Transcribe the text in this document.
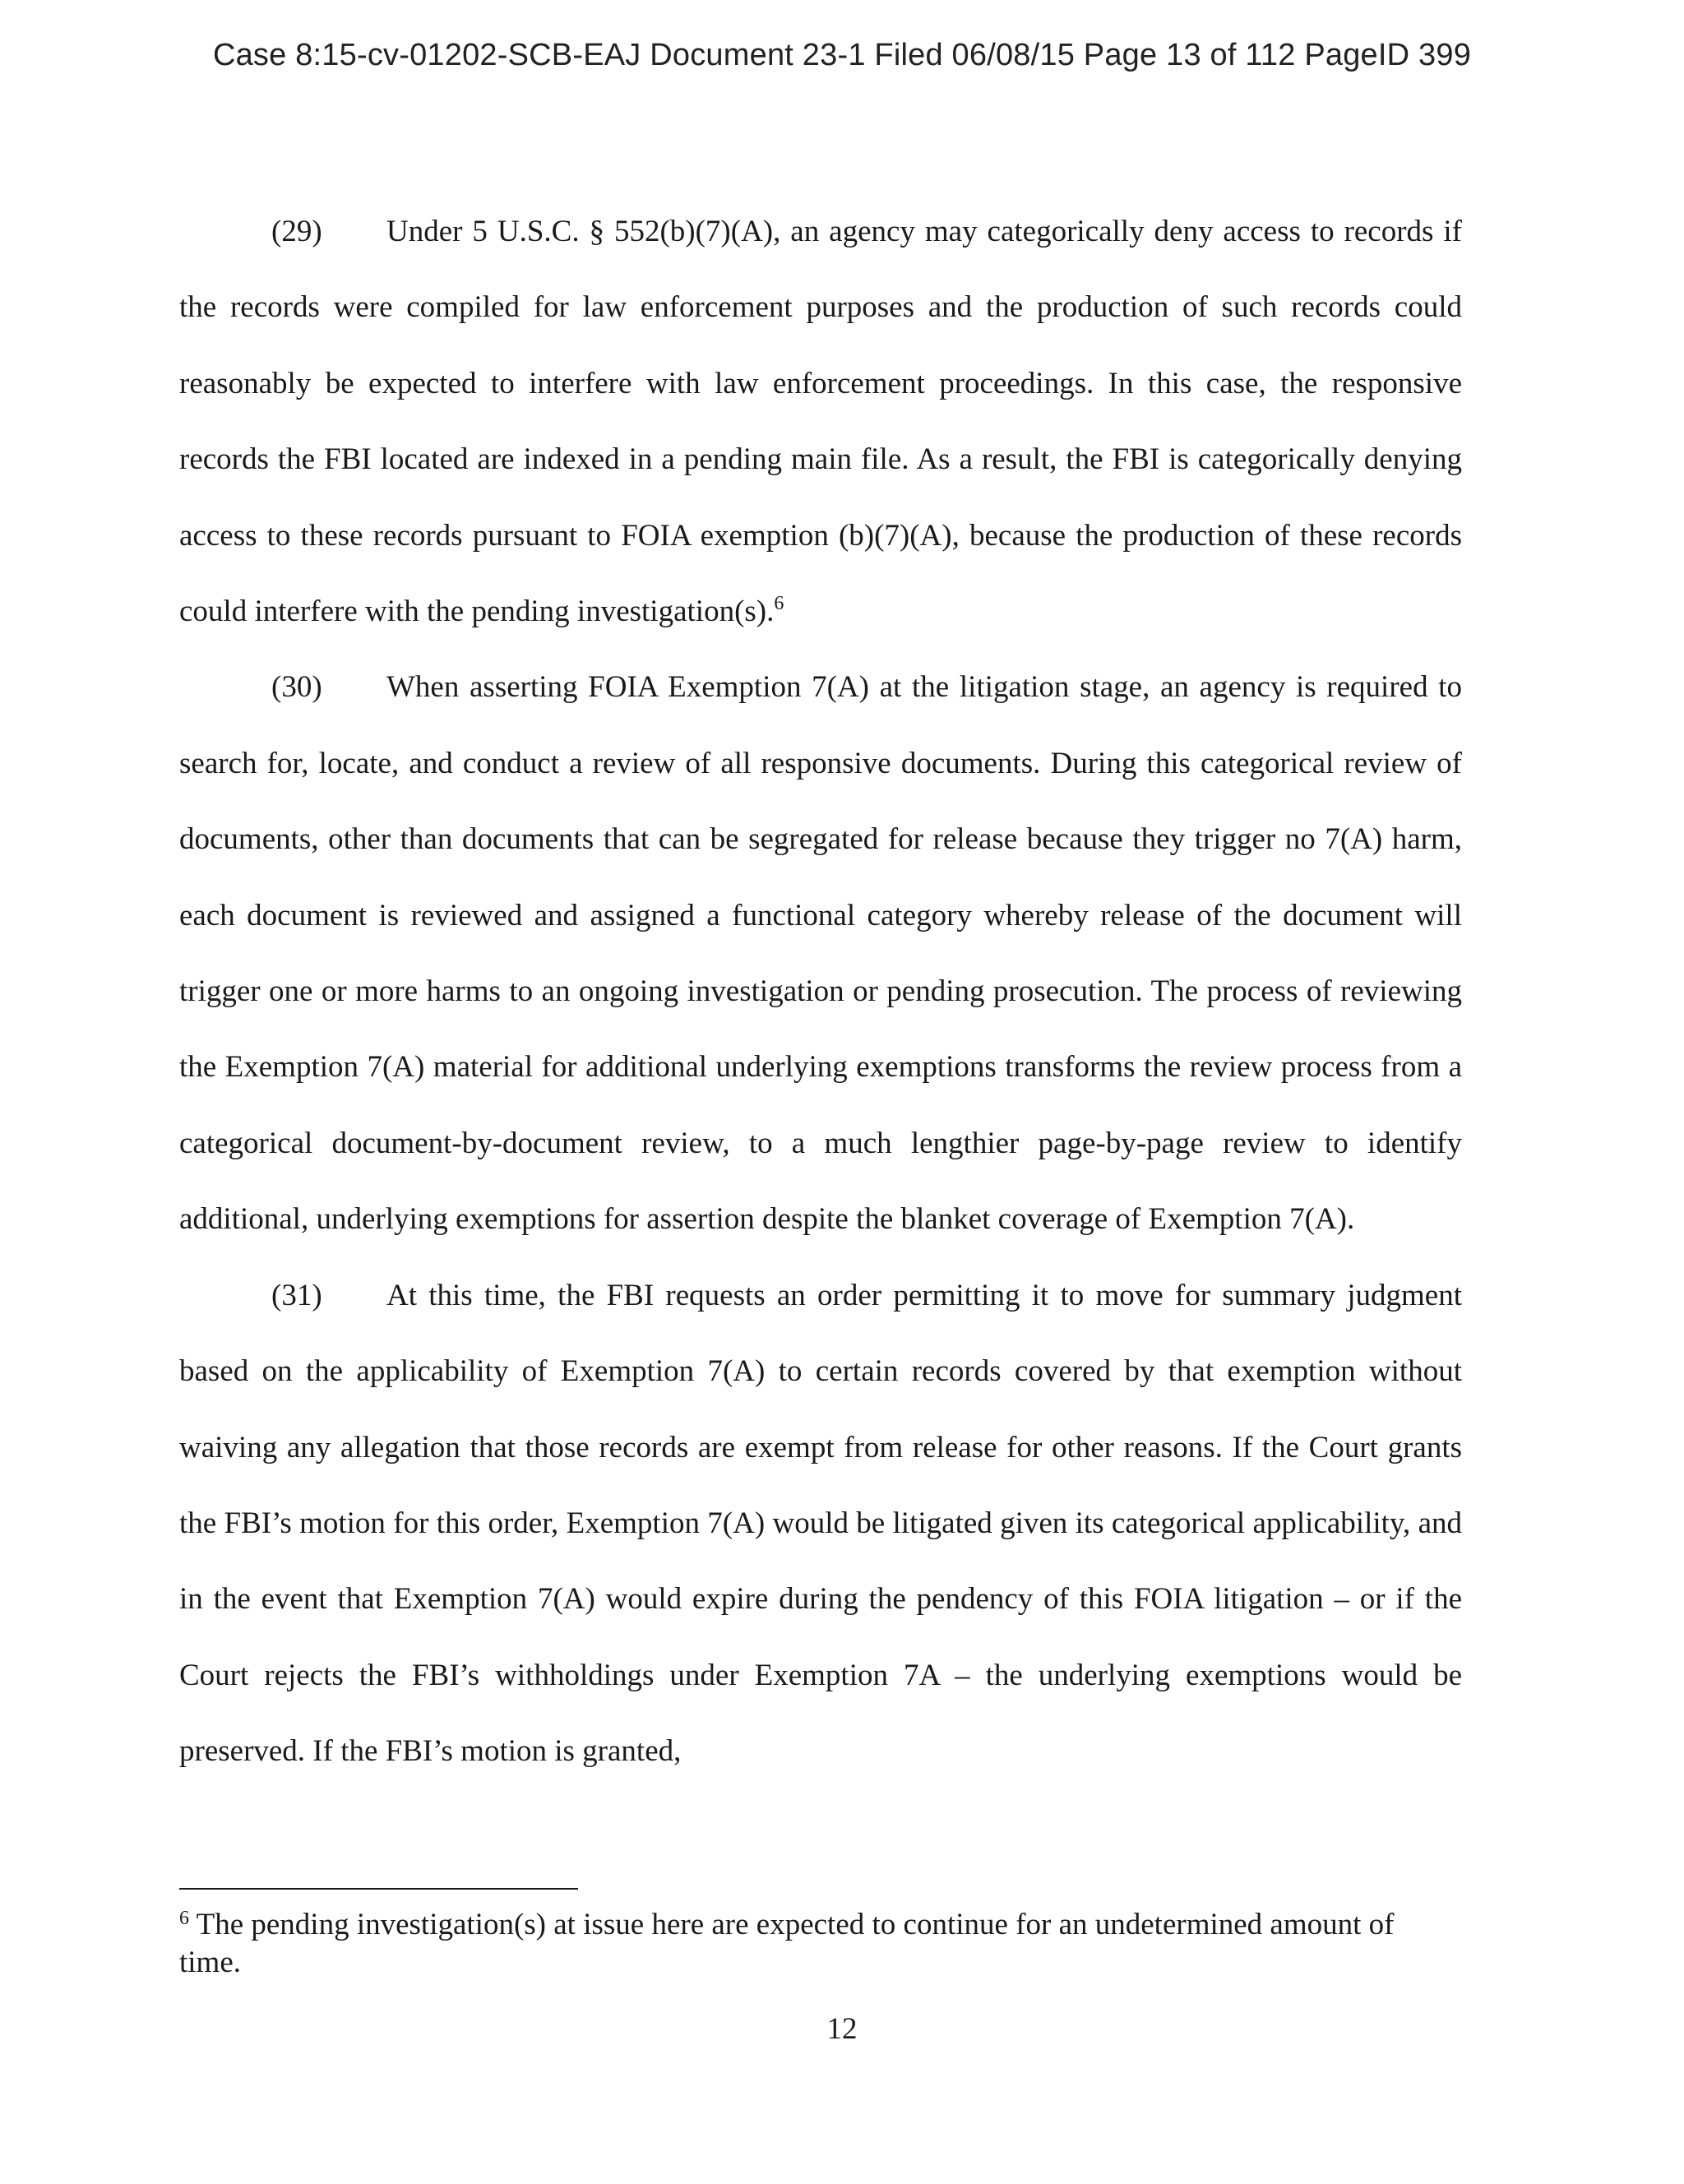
Case 8:15-cv-01202-SCB-EAJ Document 23-1 Filed 06/08/15 Page 13 of 112 PageID 399

(29) Under 5 U.S.C. § 552(b)(7)(A), an agency may categorically deny access to records if the records were compiled for law enforcement purposes and the production of such records could reasonably be expected to interfere with law enforcement proceedings. In this case, the responsive records the FBI located are indexed in a pending main file. As a result, the FBI is categorically denying access to these records pursuant to FOIA exemption (b)(7)(A), because the production of these records could interfere with the pending investigation(s).$^6$

(30) When asserting FOIA Exemption 7(A) at the litigation stage, an agency is required to search for, locate, and conduct a review of all responsive documents. During this categorical review of documents, other than documents that can be segregated for release because they trigger no 7(A) harm, each document is reviewed and assigned a functional category whereby release of the document will trigger one or more harms to an ongoing investigation or pending prosecution. The process of reviewing the Exemption 7(A) material for additional underlying exemptions transforms the review process from a categorical document-by-document review, to a much lengthier page-by-page review to identify additional, underlying exemptions for assertion despite the blanket coverage of Exemption 7(A).

(31) At this time, the FBI requests an order permitting it to move for summary judgment based on the applicability of Exemption 7(A) to certain records covered by that exemption without waiving any allegation that those records are exempt from release for other reasons. If the Court grants the FBI’s motion for this order, Exemption 7(A) would be litigated given its categorical applicability, and in the event that Exemption 7(A) would expire during the pendency of this FOIA litigation – or if the Court rejects the FBI’s withholdings under Exemption 7A – the underlying exemptions would be preserved. If the FBI’s motion is granted,

$^6$ The pending investigation(s) at issue here are expected to continue for an undetermined amount of time.
12
